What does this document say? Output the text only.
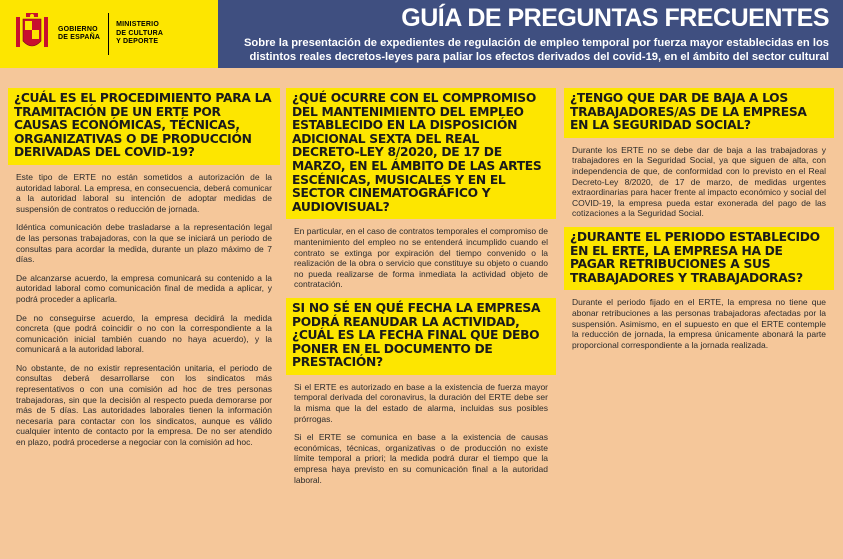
GOBIERNO
DE ESPAÑA
MINISTERIO
DE CULTURA
Y DEPORTE
GUÍA DE PREGUNTAS FRECUENTES
Sobre la presentación de expedientes de regulación de empleo temporal por fuerza mayor establecidas en los distintos reales decretos-leyes para paliar los efectos derivados del covid-19, en el ámbito del sector cultural
¿CUÁL ES EL PROCEDIMIENTO PARA LA TRAMITACIÓN DE UN ERTE POR CAUSAS ECONÓMICAS, TÉCNICAS, ORGANIZATIVAS O DE PRODUCCIÓN DERIVADAS DEL COVID-19?

Este tipo de ERTE no están sometidos a autorización de la autoridad laboral. La empresa, en consecuencia, deberá comunicar a la autoridad laboral su intención de adoptar medidas de suspensión de contratos o reducción de jornada.

Idéntica comunicación debe trasladarse a la representación legal de las personas trabajadoras, con la que se iniciará un periodo de consultas para acordar la medida, durante un plazo máximo de 7 días.

De alcanzarse acuerdo, la empresa comunicará su contenido a la autoridad laboral como comunicación final de medida a aplicar, y podrá proceder a aplicarla.

De no conseguirse acuerdo, la empresa decidirá la medida concreta (que podrá coincidir o no con la correspondiente a la comunicación inicial también cuando no haya acuerdo), y la comunicará a la autoridad laboral.

No obstante, de no existir representación unitaria, el periodo de consultas deberá desarrollarse con los sindicatos más representativos o con una comisión ad hoc de tres personas trabajadoras, sin que la decisión al respecto pueda demorarse por más de 5 días. Las autoridades laborales tienen la información necesaria para contactar con los sindicatos, aunque es válido cualquier intento de contacto por la empresa. De no ser atendido en plazo, podrá procederse a negociar con la comisión ad hoc.

¿QUÉ OCURRE CON EL COMPROMISO DEL MANTENIMIENTO DEL EMPLEO ESTABLECIDO EN LA DISPOSICIÓN ADICIONAL SEXTA DEL REAL DECRETO-LEY 8/2020, DE 17 DE MARZO, EN EL ÁMBITO DE LAS ARTES ESCÉNICAS, MUSICALES Y EN EL SECTOR CINEMATOGRÁFICO Y AUDIOVISUAL?

En particular, en el caso de contratos temporales el compromiso de mantenimiento del empleo no se entenderá incumplido cuando el contrato se extinga por expiración del tiempo convenido o la realización de la obra o servicio que constituye su objeto o cuando no pueda realizarse de forma inmediata la actividad objeto de contratación.

SI NO SÉ EN QUÉ FECHA LA EMPRESA PODRÁ REANUDAR LA ACTIVIDAD, ¿CUÁL ES LA FECHA FINAL QUE DEBO PONER EN EL DOCUMENTO DE PRESTACIÓN?

Si el ERTE es autorizado en base a la existencia de fuerza mayor temporal derivada del coronavirus, la duración del ERTE debe ser la misma que la del estado de alarma, incluidas sus posibles prórrogas.

Si el ERTE se comunica en base a la existencia de causas económicas, técnicas, organizativas o de producción no existe límite temporal a priori; la medida podrá durar el tiempo que la empresa haya previsto en su comunicación final a la autoridad laboral.

¿TENGO QUE DAR DE BAJA A LOS TRABAJADORES/AS DE LA EMPRESA EN LA SEGURIDAD SOCIAL?

Durante los ERTE no se debe dar de baja a las trabajadoras y trabajadores en la Seguridad Social, ya que siguen de alta, con independencia de que, de conformidad con lo previsto en el Real Decreto-Ley 8/2020, de 17 de marzo, de medidas urgentes extraordinarias para hacer frente al impacto económico y social del COVID-19, la empresa pueda estar exonerada del pago de las cotizaciones a la Seguridad Social.

¿DURANTE EL PERIODO ESTABLECIDO EN EL ERTE, LA EMPRESA HA DE PAGAR RETRIBUCIONES A SUS TRABAJADORES Y TRABAJADORAS?

Durante el periodo fijado en el ERTE, la empresa no tiene que abonar retribuciones a las personas trabajadoras afectadas por la suspensión. Asimismo, en el supuesto en que el ERTE contemple la reducción de jornada, la empresa únicamente abonará la parte proporcional correspondiente a la jornada realizada.
